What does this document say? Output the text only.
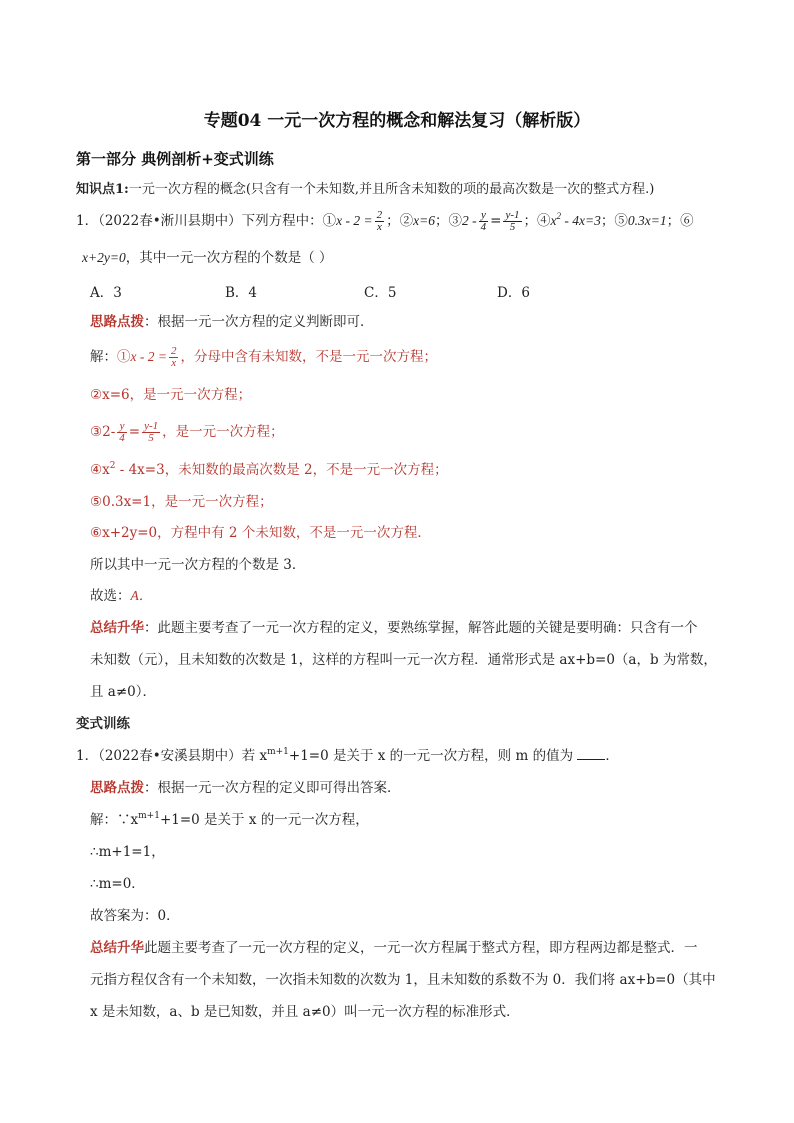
专题04 一元一次方程的概念和解法复习（解析版）
第一部分 典例剖析+变式训练
知识点1:一元一次方程的概念(只含有一个未知数,并且所含未知数的项的最高次数是一次的整式方程.)
1．（2022春•淅川县期中）下列方程中：①x - $2 = \frac{2}{x}$ ；②x=6；③2 - $\frac{y}{4} = \frac{y-1}{5}$ ；$④x^2 - 4x=3$；⑤0.3x=1；⑥
x+2y=0，其中一元一次方程的个数是（ ）
A．3	B．4	C．5	D．6
思路点拨：根据一元一次方程的定义判断即可．
解：①x - $2 = \frac{2}{x}$ ，分母中含有未知数，不是一元一次方程；
②x=6，是一元一次方程；
③2- $\frac{y}{4} = \frac{y-1}{5}$ ，是一元一次方程；
$④x^2 - 4x=3$，未知数的最高次数是 2，不是一元一次方程；
⑤0.3x=1，是一元一次方程；
⑥x+2y=0，方程中有 2 个未知数，不是一元一次方程．
所以其中一元一次方程的个数是 3．
故选：A．
总结升华：此题主要考查了一元一次方程的定义，要熟练掌握，解答此题的关键是要明确：只含有一个
未知数（元），且未知数的次数是 1，这样的方程叫一元一次方程．通常形式是 ax+b=0（a，b 为常数，
且 a≠0）．
变式训练
1．（2022春•安溪县期中）若 $x^{m+1}+1=0$ 是关于 x 的一元一次方程，则 m 的值为 ．
思路点拨：根据一元一次方程的定义即可得出答案．
解：$\because x^{m+1}+1=0$ 是关于 x 的一元一次方程，
∴m+1=1，
∴m=0．
故答案为：0．
总结升华此题主要考查了一元一次方程的定义，一元一次方程属于整式方程，即方程两边都是整式．一
元指方程仅含有一个未知数，一次指未知数的次数为 1，且未知数的系数不为 0．我们将 ax+b=0（其中
x 是未知数，a、b 是已知数，并且 a≠0）叫一元一次方程的标准形式．
